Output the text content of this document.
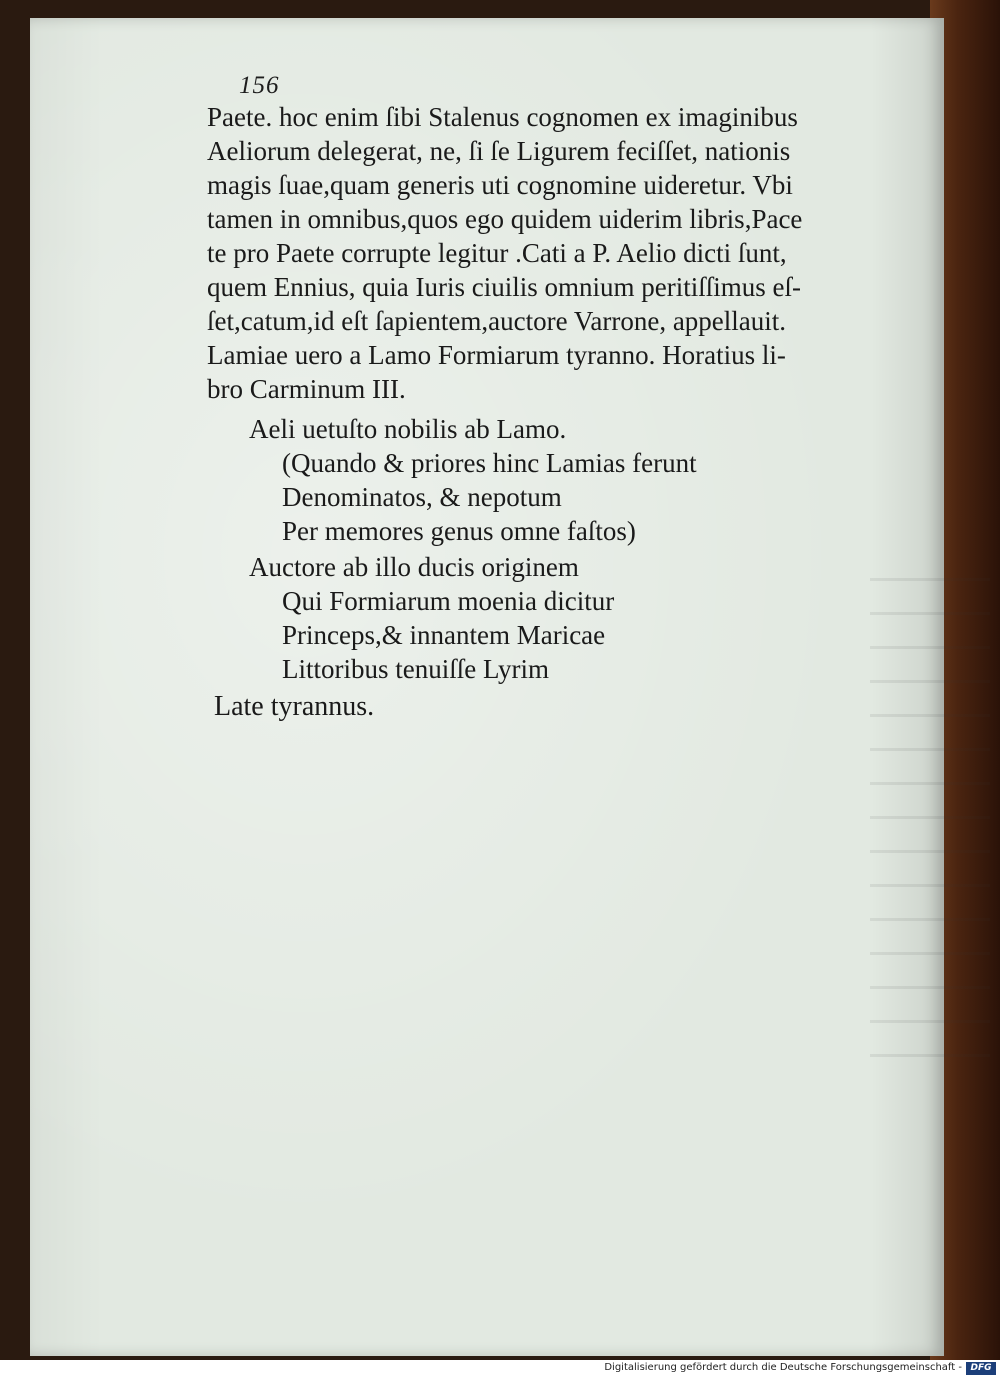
156
Paete. hoc enim ſibi Stalenus cognomen ex imaginibus
Aeliorum delegerat, ne, ſi ſe Ligurem feciſſet, nationis
magis ſuae,quam generis uti cognomine uideretur. Vbi
tamen in omnibus,quos ego quidem uiderim libris,Pace
te pro Paete corrupte legitur .Cati a P. Aelio dicti ſunt,
quem Ennius, quia Iuris ciuilis omnium peritiſſimus eſ-
ſet,catum,id eſt ſapientem,auctore Varrone, appellauit.
Lamiae uero a Lamo Formiarum tyranno. Horatius li-
bro Carminum III.
Aeli uetuſto nobilis ab Lamo.
(Quando & priores hinc Lamias ferunt
Denominatos, & nepotum
Per memores genus omne faſtos)
Auctore ab illo ducis originem
Qui Formiarum moenia dicitur
Princeps,& innantem Maricae
Littoribus tenuiſſe Lyrim
Late tyrannus.
Digitalisierung gefördert durch die Deutsche Forschungsgemeinschaft - DFG
